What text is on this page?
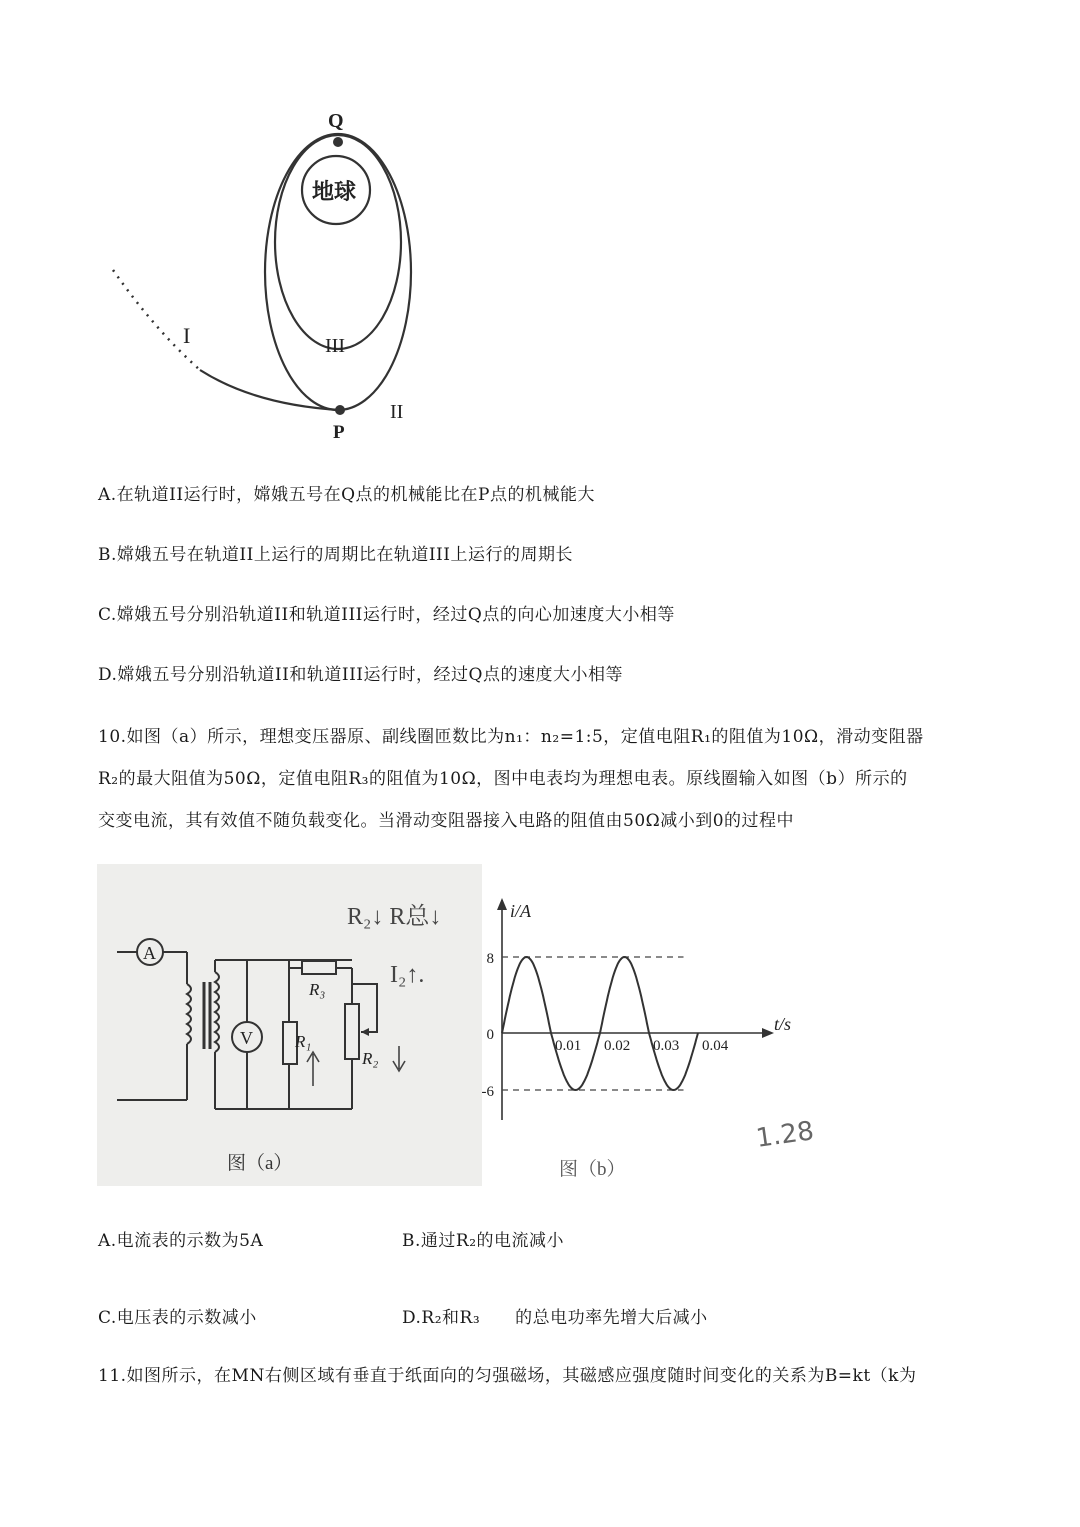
Q
P
地球
I
II
III
A.在轨道II运行时，嫦娥五号在Q点的机械能比在P点的机械能大
B.嫦娥五号在轨道II上运行的周期比在轨道III上运行的周期长
C.嫦娥五号分别沿轨道II和轨道III运行时，经过Q点的向心加速度大小相等
D.嫦娥五号分别沿轨道II和轨道III运行时，经过Q点的速度大小相等
10.如图（a）所示，理想变压器原、副线圈匝数比为n₁：n₂=1:5，定值电阻R₁的阻值为10Ω，滑动变阻器
R₂的最大阻值为50Ω，定值电阻R₃的阻值为10Ω，图中电表均为理想电表。原线圈输入如图（b）所示的
交变电流，其有效值不随负载变化。当滑动变阻器接入电路的阻值由50Ω减小到0的过程中
A
V
R₃
R₁
R₂
R₂↓ R总↓
I₂↑.
图（a）
i/A
t/s
8
0
-6
0.01 0.02 0.03 0.04
图（b）
1.28
A.电流表的示数为5A	B.通过R₂的电流减小
C.电压表的示数减小	D.R₂和R₃　　的总电功率先增大后减小
11.如图所示，在MN右侧区域有垂直于纸面向的匀强磁场，其磁感应强度随时间变化的关系为B=kt（k为
